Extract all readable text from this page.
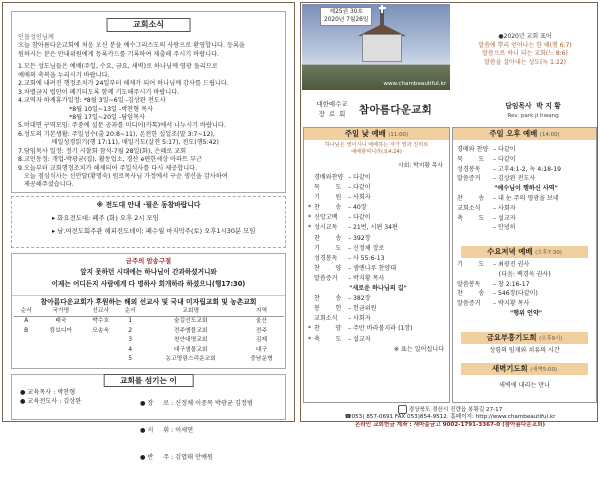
교회소식

인물성인님께

오늘 참아름다운교회에 처음 오신 분을 예수그리스도의 사랑으로 환영합니다. 등록을

원하시는 분은 안내위원에게 등록카드를 기록하여 제출해 주시기 바랍니다.

1.모든 성도님들은 예배(주일, 수요, 금요, 새벽)로 하나님께 영광 돌리므로

예배의 축복을 누리시기 바랍니다.

2.교회에 내려진 행정조치가 24일부터 해제가 되어 하나님께 감사를 드립니다.

3.차별금지 법안이 폐기되도록 함께 기도해주시기 바랍니다.

4.교역자 하계휴가일정: *8월 3일~6일 -김상완 전도사

*8월 10일~13일 -박찬형 목사

*8월 17일~20일 -담임목사

5.비대면 구역모임: 주중에 설문 공과를 미디어(카톡)에서 나누시기 바랍니다.

6.성도의 기본생활: 주일성수(출 20:8~11), 온전한 십일조(말 3:7~12),

매일성경읽기(행 17:11), 매일기도(살전 5:17), 전도(행5:42)

7.담임목사 일정: 정기 시찰회 참석-7월 28일(화), 은혜로 교회

8.교인동정: 개업-박광균(집), 활동업소, 경산 e편한세상 아파트 부근

9.오늘부터 교회행정조치가 해제되어 주일식사를 다시 제공합니다.

오늘 점심식사는 신안달(황명숙) 원로목사님 가정에서 구순 생신을 감사하여

제공해주셨습니다.

※ 전도대 안내 ·필은 동참바랍니다
▸ 화요전도대: 폐주 (화) 오후 2시 모임
▸ 남.여전도회주관 해피전도데이: 폐수월 마지막주(토) 오후1시30분 모임
금주의 암송구절
앞지 못하던 시대에는 하나님이 간과하셨거니와
이제는 어디든지 사람에게 다 명하사 회개하라 하셨으니(행17:30)
참아름다운교회가 후원하는 해외 선교사 및 국내 미자립교회 및 농촌교회
순서	국가명	선교사	순서	교회명	지역
A	태국	박수호	1	숲길선도교회	울산
B	캄보디아	모송욱	2	전주엠블교회	전주
			3	천안대명교회	김제
			4	대구샘물교회	대구
			5	농고영림스리운교회	중남운병
교회를 섬기는 이
● 교육목사 : 박찬형
● 교육전도사 : 김상완

	● 장     로 : 신정체 이중목 박광균 김정범

● 지     휘 : 이세연

● 반     주 : 김엽태 안예원

제25권 30호
2020년 7월26일
www.chambeautiful.kr
●2020년 교회 표어
말씀에 뿌리 얻어나는 한 해(행 6:7)
말씀으로 하니 되는 교회(느 8:6)
말씀을 살아내는 성도(눅 1:22)
대한예수교
장  로  회	참아름다운교회	담임목사  박 지 황
Rev. park ji hwang
주일 낮 예배 (11:00)
하나님은 영이시니 예배하는 자가 영과 진리로
예배할찌니라(요4:24)
사회: 박지황 목사
경배와찬양 – 다같이
묵        도	– 다같이
기        원	– 사회자
* 찬        송	– 40장
* 신앙고백	– 다같이
* 성시교독	– 21번, 시편 34편
찬        송	– 392장
기        도	– 신정체 장로
성경봉독	– 사 55:6-13
찬        양	– 샘엔나루 찬양대
말씀증거	– 박지황 목사
"새로운 하나님의 길"
찬        송	– 382장
봉        헌	– 헌금위원
교회소식	– 사회자
* 찬        양	– 주만 바라볼지라 (1장)
* 축        도	– 설교자
※ 표는 일어섭니다
주일 오후 예배 (14:00)
경배와 찬양 – 다같이
묵        도	– 다같이
성경봉독	– 고후4:1-2, 녹 4:18-19
말씀증거	– 김상완 전도사
"예수님이 행하신 사역"
찬        송	– 내 눈 주의 영광을 보네
교회소식	– 사회자
축        도	– 설교자

– 안녕히
수요저녁 예배 (오후7:30)
기        도	– 최광진 권사
(다음: 백경옥 권사)
말씀봉독	– 창 2:16-17
찬        송	– 546장(다같이)
말씀증거	– 박지황 목사
"행위 언약"
금요부흥기도회 (오후9시)
성령의 임재와 치유의 시간
새벽기도회 (새벽5:00)
새벽에 내리는 만나
경상북도 경산시 진량읍 봉황길 27-17
☎053) 857-0691 FAX 053)854-9512. 홈페이지: http://www.chambeautiful.kr
온라인 교회헌금 계좌 : 새마을금고 9002-1791-3367-0 (참아름다운교회)
